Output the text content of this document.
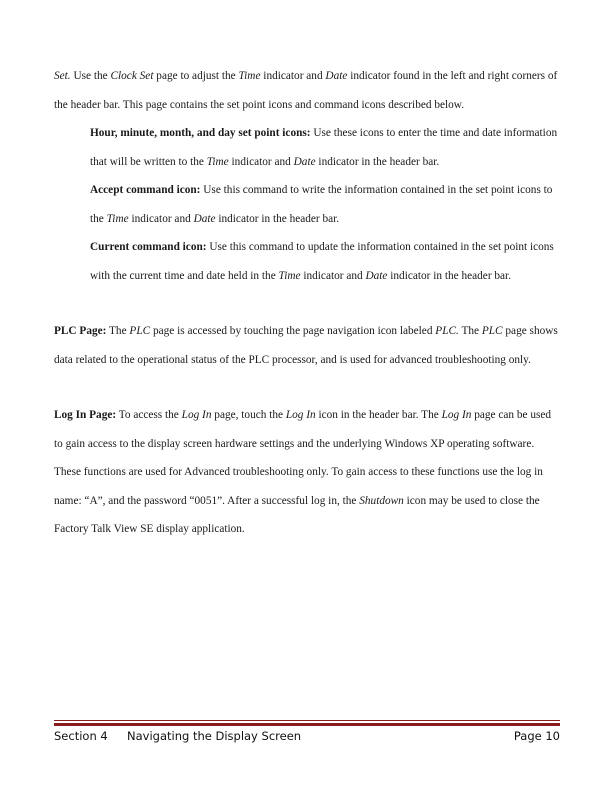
Set. Use the Clock Set page to adjust the Time indicator and Date indicator found in the left and right corners of the header bar. This page contains the set point icons and command icons described below.

Hour, minute, month, and day set point icons: Use these icons to enter the time and date information that will be written to the Time indicator and Date indicator in the header bar.

Accept command icon: Use this command to write the information contained in the set point icons to the Time indicator and Date indicator in the header bar.

Current command icon: Use this command to update the information contained in the set point icons with the current time and date held in the Time indicator and Date indicator in the header bar.

PLC Page: The PLC page is accessed by touching the page navigation icon labeled PLC. The PLC page shows data related to the operational status of the PLC processor, and is used for advanced troubleshooting only.

Log In Page: To access the Log In page, touch the Log In icon in the header bar. The Log In page can be used to gain access to the display screen hardware settings and the underlying Windows XP operating software. These functions are used for Advanced troubleshooting only. To gain access to these functions use the log in name: “A”, and the password “0051”. After a successful log in, the Shutdown icon may be used to close the Factory Talk View SE display application.

Section 4 Navigating the Display Screen	Page 10
